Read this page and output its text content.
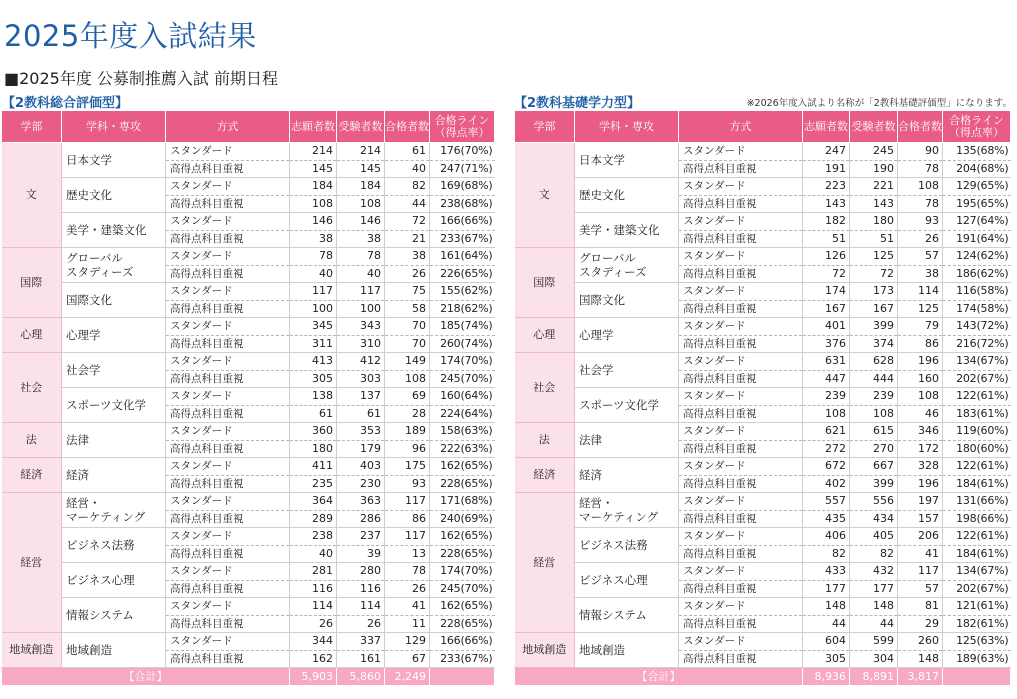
2025年度入試結果
■2025年度 公募制推薦入試 前期日程
【2教科総合評価型】	【2教科基礎学力型】	※2026年度入試より名称が「2教科基礎評価型」になります。
学部	学科・専攻	方式	志願者数	受験者数	合格者数	合格ライン
（得点率）
文	日本文学	スタンダード	214	214	61	176(70%)
		高得点科目重視	145	145	40	247(71%)
	歴史文化	スタンダード	184	184	82	169(68%)
		高得点科目重視	108	108	44	238(68%)
	美学・建築文化	スタンダード	146	146	72	166(66%)
		高得点科目重視	38	38	21	233(67%)
国際	グローバル
スタディーズ	スタンダード	78	78	38	161(64%)
		高得点科目重視	40	40	26	226(65%)
	国際文化	スタンダード	117	117	75	155(62%)
		高得点科目重視	100	100	58	218(62%)
心理	心理学	スタンダード	345	343	70	185(74%)
		高得点科目重視	311	310	70	260(74%)
社会	社会学	スタンダード	413	412	149	174(70%)
		高得点科目重視	305	303	108	245(70%)
	スポーツ文化学	スタンダード	138	137	69	160(64%)
		高得点科目重視	61	61	28	224(64%)
法	法律	スタンダード	360	353	189	158(63%)
		高得点科目重視	180	179	96	222(63%)
経済	経済	スタンダード	411	403	175	162(65%)
		高得点科目重視	235	230	93	228(65%)
経営	経営・
マーケティング	スタンダード	364	363	117	171(68%)
		高得点科目重視	289	286	86	240(69%)
	ビジネス法務	スタンダード	238	237	117	162(65%)
		高得点科目重視	40	39	13	228(65%)
	ビジネス心理	スタンダード	281	280	78	174(70%)
		高得点科目重視	116	116	26	245(70%)
	情報システム	スタンダード	114	114	41	162(65%)
		高得点科目重視	26	26	11	228(65%)
地域創造	地域創造	スタンダード	344	337	129	166(66%)
		高得点科目重視	162	161	67	233(67%)
【合計】			5,903	5,860	2,249	
学部	学科・専攻	方式	志願者数	受験者数	合格者数	合格ライン
（得点率）
文	日本文学	スタンダード	247	245	90	135(68%)
		高得点科目重視	191	190	78	204(68%)
	歴史文化	スタンダード	223	221	108	129(65%)
		高得点科目重視	143	143	78	195(65%)
	美学・建築文化	スタンダード	182	180	93	127(64%)
		高得点科目重視	51	51	26	191(64%)
国際	グローバル
スタディーズ	スタンダード	126	125	57	124(62%)
		高得点科目重視	72	72	38	186(62%)
	国際文化	スタンダード	174	173	114	116(58%)
		高得点科目重視	167	167	125	174(58%)
心理	心理学	スタンダード	401	399	79	143(72%)
		高得点科目重視	376	374	86	216(72%)
社会	社会学	スタンダード	631	628	196	134(67%)
		高得点科目重視	447	444	160	202(67%)
	スポーツ文化学	スタンダード	239	239	108	122(61%)
		高得点科目重視	108	108	46	183(61%)
法	法律	スタンダード	621	615	346	119(60%)
		高得点科目重視	272	270	172	180(60%)
経済	経済	スタンダード	672	667	328	122(61%)
		高得点科目重視	402	399	196	184(61%)
経営	経営・
マーケティング	スタンダード	557	556	197	131(66%)
		高得点科目重視	435	434	157	198(66%)
	ビジネス法務	スタンダード	406	405	206	122(61%)
		高得点科目重視	82	82	41	184(61%)
	ビジネス心理	スタンダード	433	432	117	134(67%)
		高得点科目重視	177	177	57	202(67%)
	情報システム	スタンダード	148	148	81	121(61%)
		高得点科目重視	44	44	29	182(61%)
地域創造	地域創造	スタンダード	604	599	260	125(63%)
		高得点科目重視	305	304	148	189(63%)
【合計】			8,936	8,891	3,817	
